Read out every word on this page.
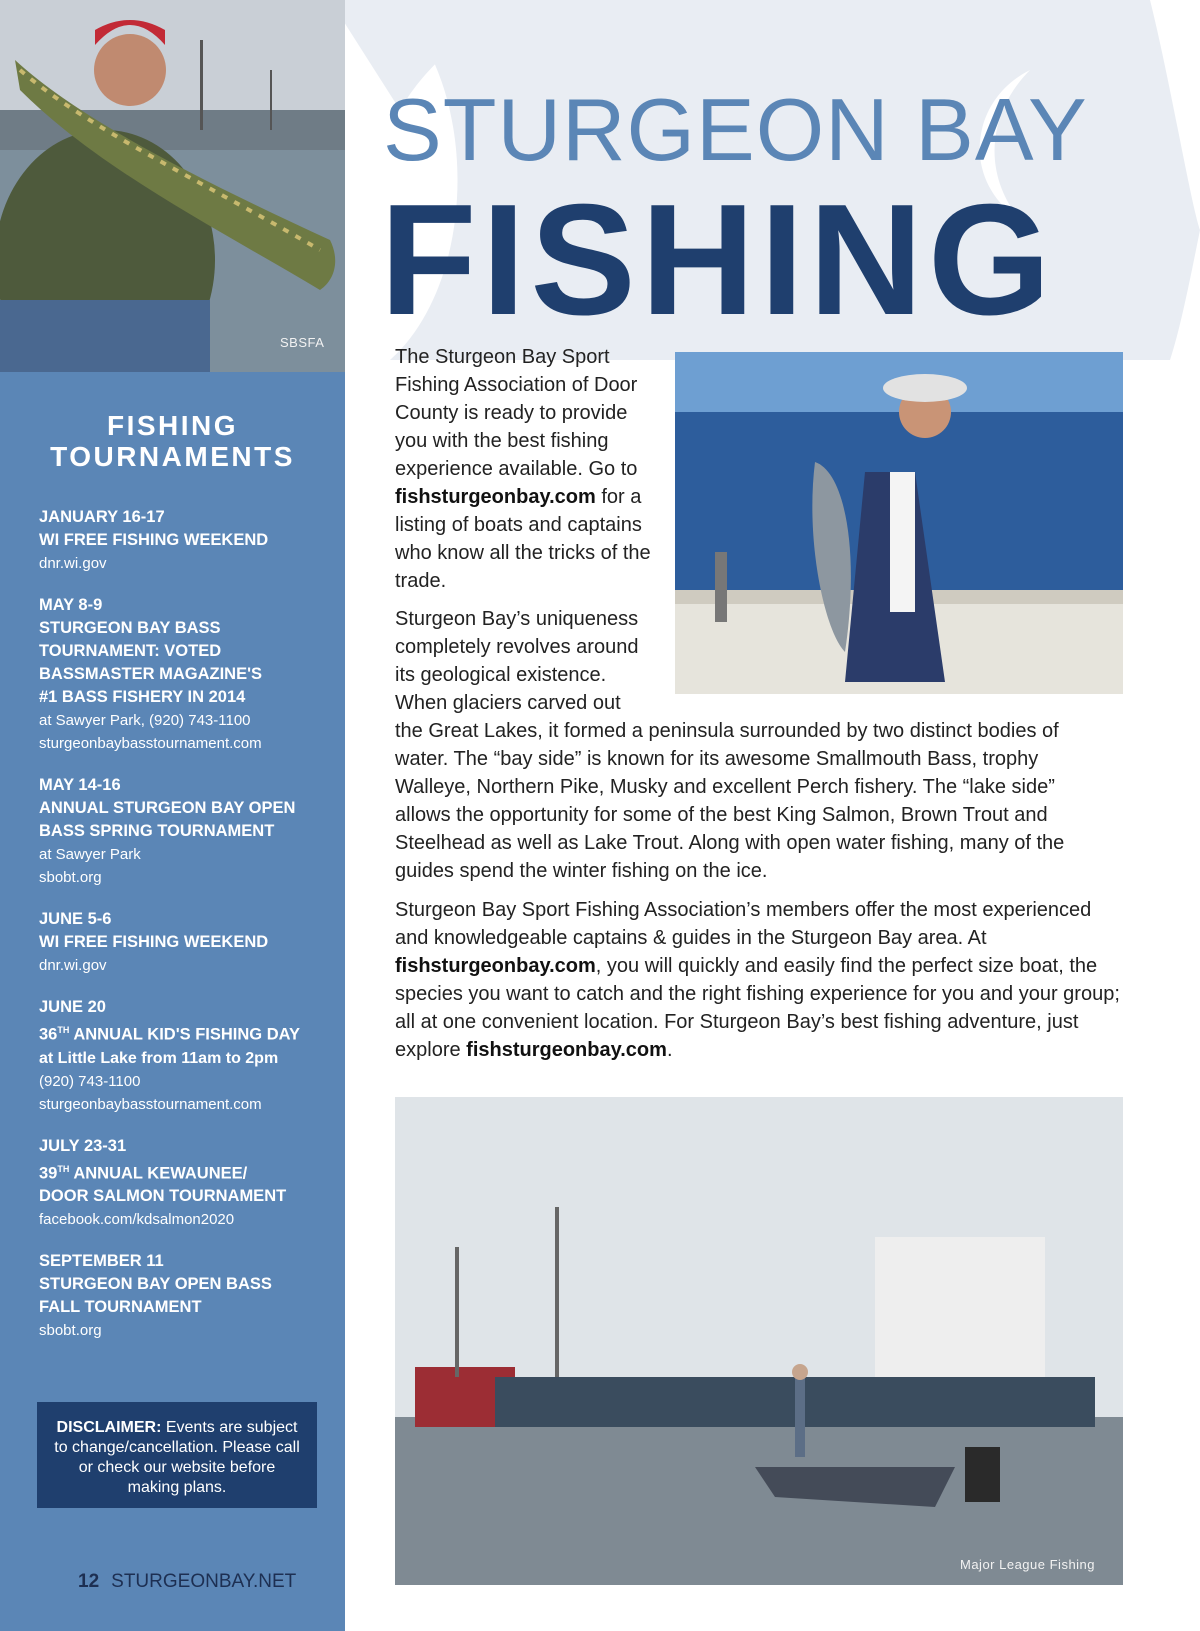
SBSFA
FISHING
TOURNAMENTS
JANUARY 16-17
WI FREE FISHING WEEKEND
dnr.wi.gov
MAY 8-9
STURGEON BAY BASS
TOURNAMENT: VOTED
BASSMASTER MAGAZINE'S
#1 BASS FISHERY IN 2014
at Sawyer Park, (920) 743-1100
sturgeonbaybasstournament.com
MAY 14-16
ANNUAL STURGEON BAY OPEN
BASS SPRING TOURNAMENT
at Sawyer Park
sbobt.org
JUNE 5-6
WI FREE FISHING WEEKEND
dnr.wi.gov
JUNE 20
36TH ANNUAL KID'S FISHING DAY
at Little Lake from 11am to 2pm
(920) 743-1100
sturgeonbaybasstournament.com
JULY 23-31
39TH ANNUAL KEWAUNEE/
DOOR SALMON TOURNAMENT
facebook.com/kdsalmon2020
SEPTEMBER 11
STURGEON BAY OPEN BASS
FALL TOURNAMENT
sbobt.org
DISCLAIMER: Events are subject to change/cancellation. Please call or check our website before making plans.
12 STURGEONBAY.NET
STURGEON BAY
FISHING

The Sturgeon Bay Sport Fishing Association of Door County is ready to provide you with the best fishing experience available. Go to fishsturgeonbay.com for a listing of boats and captains who know all the tricks of the trade.

Sturgeon Bay’s uniqueness completely revolves around its geological existence. When glaciers carved out

the Great Lakes, it formed a peninsula surrounded by two distinct bodies of water. The “bay side” is known for its awesome Smallmouth Bass, trophy Walleye, Northern Pike, Musky and excellent Perch fishery. The “lake side” allows the opportunity for some of the best King Salmon, Brown Trout and Steelhead as well as Lake Trout. Along with open water fishing, many of the guides spend the winter fishing on the ice.

Sturgeon Bay Sport Fishing Association’s members offer the most experienced and knowledgeable captains & guides in the Sturgeon Bay area. At fishsturgeonbay.com, you will quickly and easily find the perfect size boat, the species you want to catch and the right fishing experience for you and your group; all at one convenient location. For Sturgeon Bay’s best fishing adventure, just explore fishsturgeonbay.com.

Major League Fishing
